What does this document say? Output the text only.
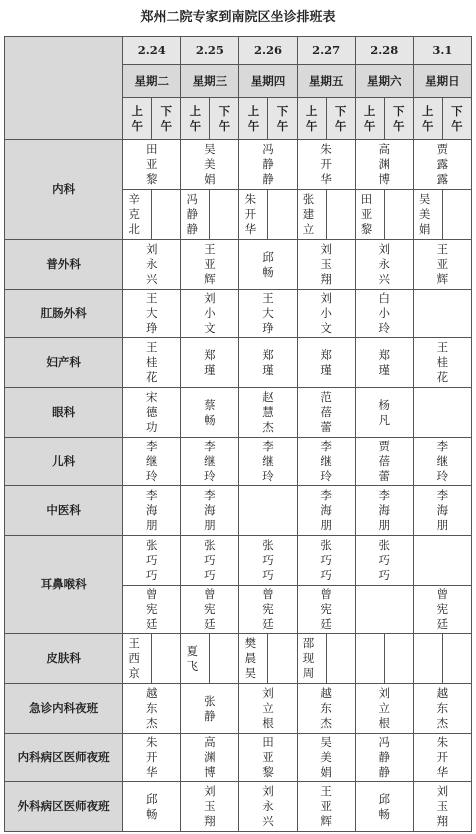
郑州二院专家到南院区坐诊排班表
	2.24		2.25		2.26		2.27		2.28		3.1	
	星期二		星期三		星期四		星期五		星期六		星期日	
	上午	下午	上午	下午	上午	下午	上午	下午	上午	下午	上午	下午
内科	田亚黎		吴美娟		冯静静		朱开华		高渊博		贾露露	
	辛克北		冯静静		朱开华		张建立		田亚黎		吴美娟	
普外科	刘永兴		王亚辉		邱畅		刘玉翔		刘永兴		王亚辉	
肛肠外科	王大琤		刘小文		王大琤		刘小文		白小玲			
妇产科	王桂花		郑瑾		郑瑾		郑瑾		郑瑾		王桂花	
眼科	宋德功		蔡畅		赵慧杰		范蓓蕾		杨凡			
儿科	李继玲		李继玲		李继玲		李继玲		贾蓓蕾		李继玲	
中医科	李海朋		李海朋				李海朋		李海朋		李海朋	
耳鼻喉科	张巧巧		张巧巧		张巧巧		张巧巧		张巧巧			
	曾宪廷		曾宪廷		曾宪廷		曾宪廷				曾宪廷	
皮肤科	王西京		夏飞		樊晨昊		邵现周					
急诊内科夜班	越东杰		张静		刘立根		越东杰		刘立根		越东杰	
内科病区医师夜班	朱开华		高渊博		田亚黎		吴美娟		冯静静		朱开华	
外科病区医师夜班	邱畅		刘玉翔		刘永兴		王亚辉		邱畅		刘玉翔	
